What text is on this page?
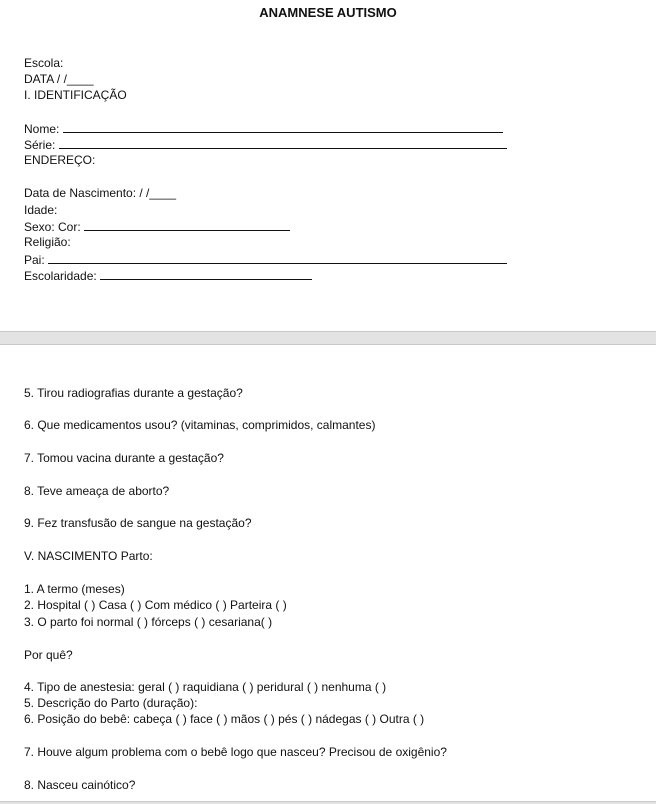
ANAMNESE AUTISMO
Escola:
DATA / /____
I. IDENTIFICAÇÃO
Nome:
Série:
ENDEREÇO:
Data de Nascimento: / /____
Idade:
Sexo: Cor:
Religião:
Pai:
Escolaridade:
5. Tirou radiografias durante a gestação?
6. Que medicamentos usou? (vitaminas, comprimidos, calmantes)
7. Tomou vacina durante a gestação?
8. Teve ameaça de aborto?
9. Fez transfusão de sangue na gestação?
V. NASCIMENTO Parto:
1. A termo (meses)
2. Hospital ( ) Casa ( ) Com médico ( ) Parteira ( )
3. O parto foi normal ( ) fórceps ( ) cesariana( )
Por quê?
4. Tipo de anestesia: geral ( ) raquidiana ( ) peridural ( ) nenhuma ( )
5. Descrição do Parto (duração):
6. Posição do bebê: cabeça ( ) face ( ) mãos ( ) pés ( ) nádegas ( ) Outra ( )
7. Houve algum problema com o bebê logo que nasceu? Precisou de oxigênio?
8. Nasceu cainótico?
